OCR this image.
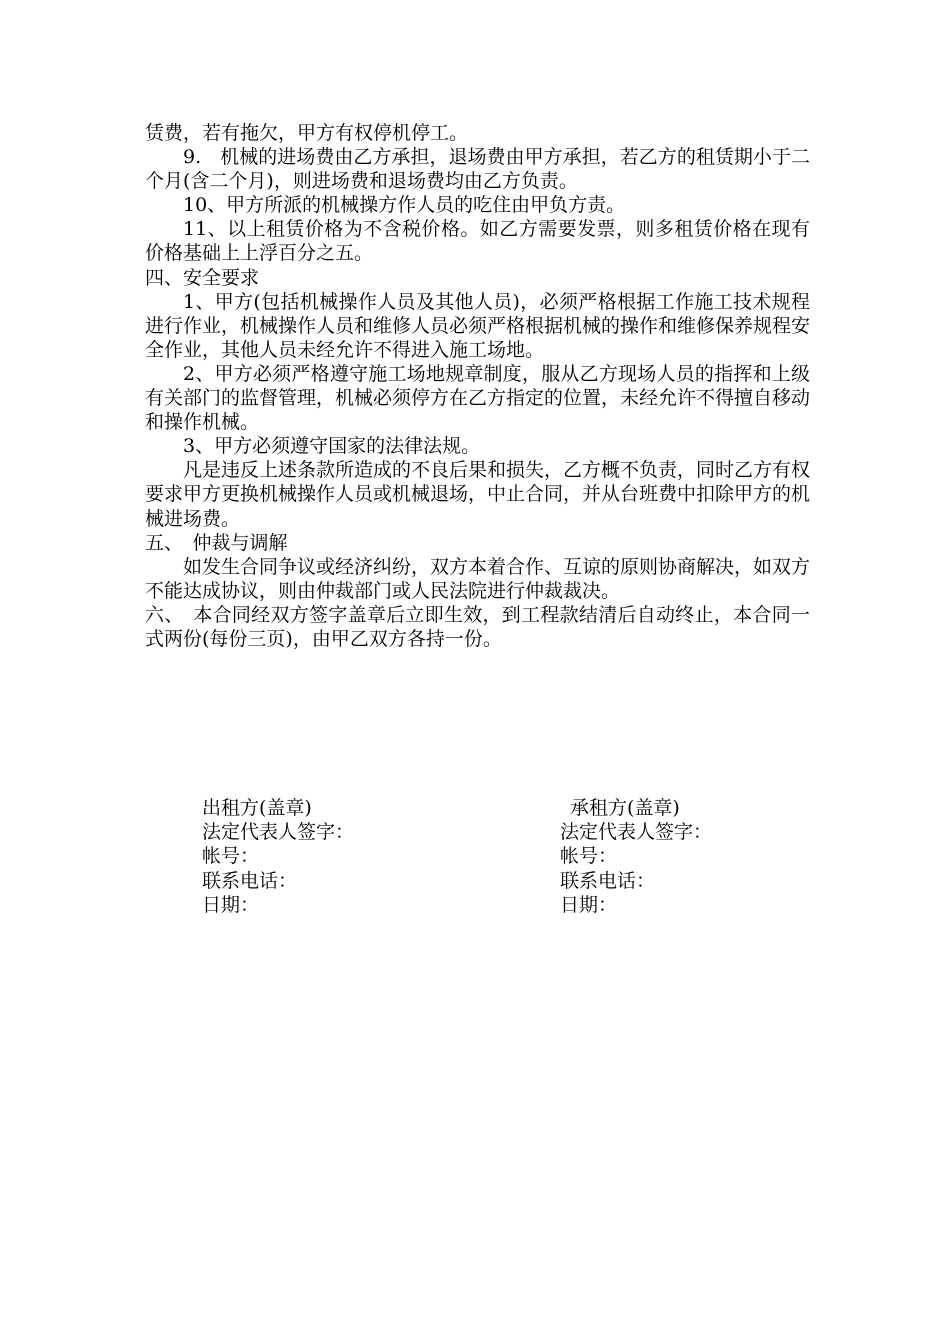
赁费，若有拖欠，甲方有权停机停工。

9.　机械的进场费由乙方承担，退场费由甲方承担，若乙方的租赁期小于二个月(含二个月)，则进场费和退场费均由乙方负责。

10、甲方所派的机械操方作人员的吃住由甲负方责。

11、以上租赁价格为不含税价格。如乙方需要发票，则多租赁价格在现有价格基础上上浮百分之五。

四、安全要求

1、甲方(包括机械操作人员及其他人员)，必须严格根据工作施工技术规程进行作业，机械操作人员和维修人员必须严格根据机械的操作和维修保养规程安全作业，其他人员未经允许不得进入施工场地。

2、甲方必须严格遵守施工场地规章制度，服从乙方现场人员的指挥和上级有关部门的监督管理，机械必须停方在乙方指定的位置，未经允许不得擅自移动和操作机械。

3、甲方必须遵守国家的法律法规。

凡是违反上述条款所造成的不良后果和损失，乙方概不负责，同时乙方有权要求甲方更换机械操作人员或机械退场，中止合同，并从台班费中扣除甲方的机械进场费。

五、　仲裁与调解

如发生合同争议或经济纠纷，双方本着合作、互谅的原则协商解决，如双方不能达成协议，则由仲裁部门或人民法院进行仲裁裁决。

六、　本合同经双方签字盖章后立即生效，到工程款结清后自动终止，本合同一式两份(每份三页)，由甲乙双方各持一份。

出租方(盖章)
法定代表人签字：
帐号：
联系电话：
日期：
承租方(盖章)
法定代表人签字：
帐号：
联系电话：
日期：
